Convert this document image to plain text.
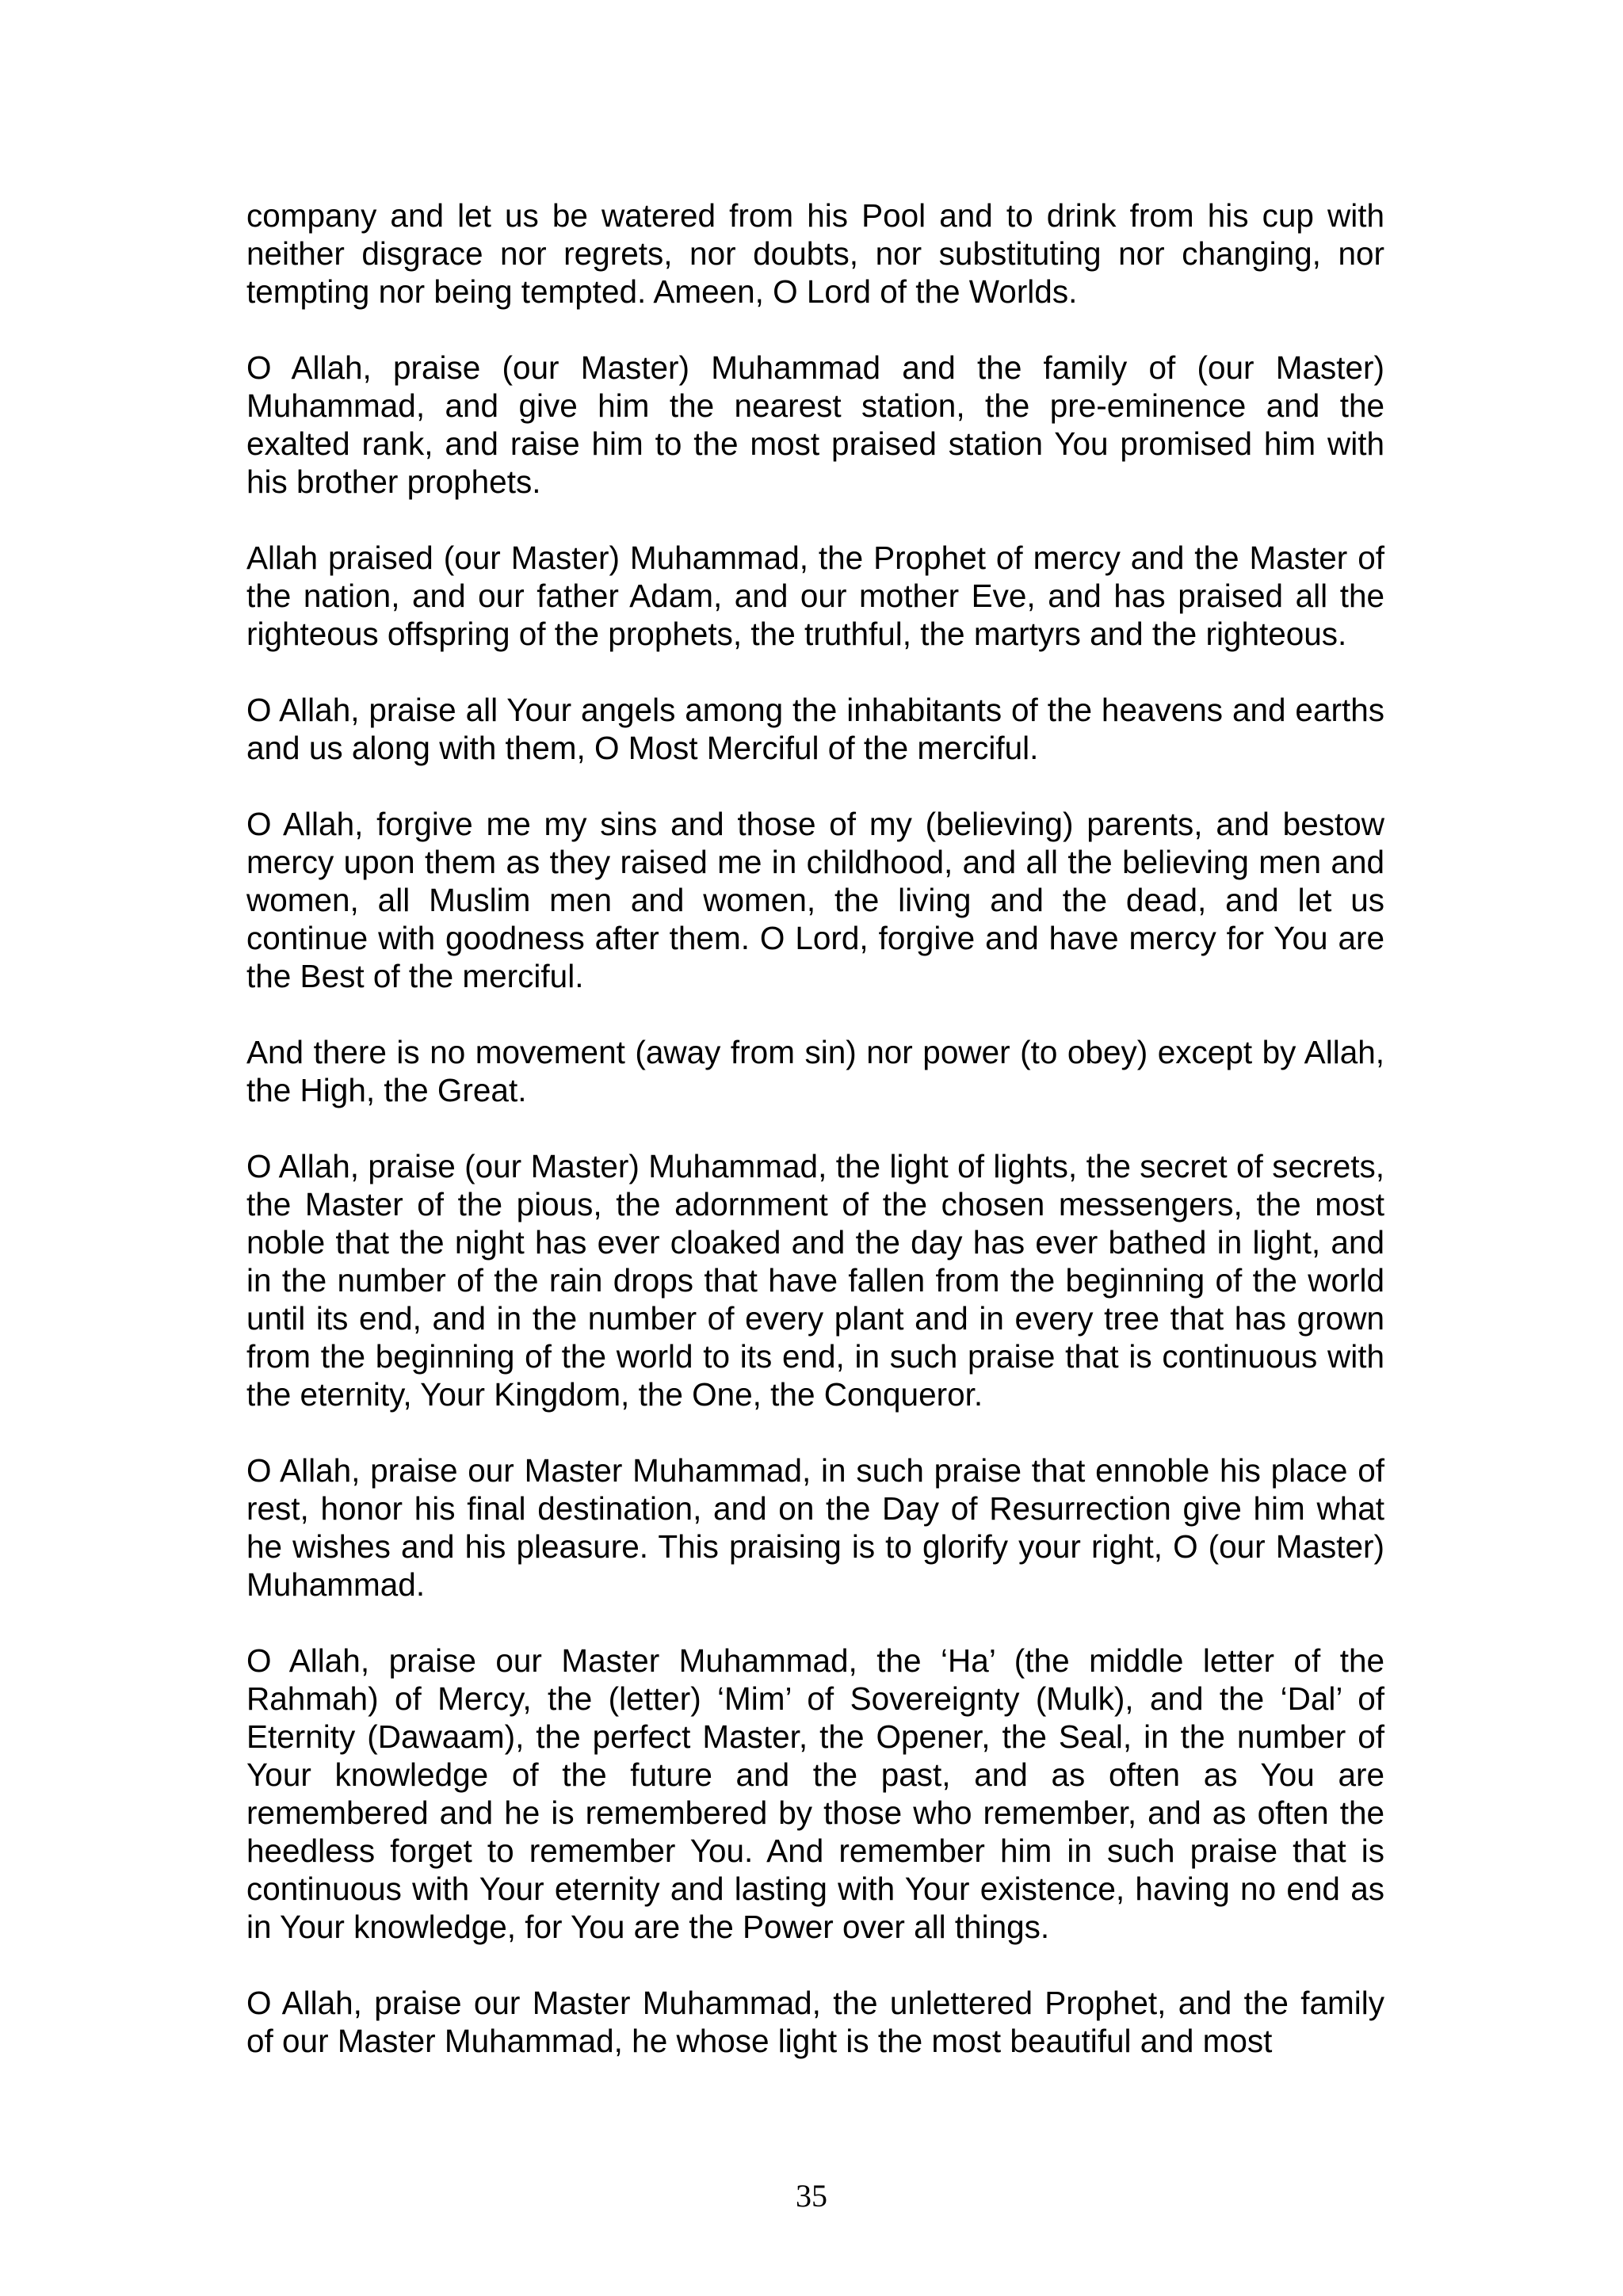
company and let us be watered from his Pool and to drink from his cup with neither disgrace nor regrets, nor doubts, nor substituting nor changing, nor tempting nor being tempted. Ameen, O Lord of the Worlds.

O Allah, praise (our Master) Muhammad and the family of (our Master) Muhammad, and give him the nearest station, the pre-eminence and the exalted rank, and raise him to the most praised station You promised him with his brother prophets.

Allah praised (our Master) Muhammad, the Prophet of mercy and the Master of the nation, and our father Adam, and our mother Eve, and has praised all the righteous offspring of the prophets, the truthful, the martyrs and the righteous.

O Allah, praise all Your angels among the inhabitants of the heavens and earths and us along with them, O Most Merciful of the merciful.

O Allah, forgive me my sins and those of my (believing) parents, and bestow mercy upon them as they raised me in childhood, and all the believing men and women, all Muslim men and women, the living and the dead, and let us continue with goodness after them. O Lord, forgive and have mercy for You are the Best of the merciful.

And there is no movement (away from sin) nor power (to obey) except by Allah, the High, the Great.

O Allah, praise (our Master) Muhammad, the light of lights, the secret of secrets, the Master of the pious, the adornment of the chosen messengers, the most noble that the night has ever cloaked and the day has ever bathed in light, and in the number of the rain drops that have fallen from the beginning of the world until its end, and in the number of every plant and in every tree that has grown from the beginning of the world to its end, in such praise that is continuous with the eternity, Your Kingdom, the One, the Conqueror.

O Allah, praise our Master Muhammad, in such praise that ennoble his place of rest, honor his final destination, and on the Day of Resurrection give him what he wishes and his pleasure. This praising is to glorify your right, O (our Master) Muhammad.

O Allah, praise our Master Muhammad, the ‘Ha’ (the middle letter of the Rahmah) of Mercy, the (letter) ‘Mim’ of Sovereignty (Mulk), and the ‘Dal’ of Eternity (Dawaam), the perfect Master, the Opener, the Seal, in the number of Your knowledge of the future and the past, and as often as You are remembered and he is remembered by those who remember, and as often the heedless forget to remember You. And remember him in such praise that is continuous with Your eternity and lasting with Your existence, having no end as in Your knowledge, for You are the Power over all things.

O Allah, praise our Master Muhammad, the unlettered Prophet, and the family of our Master Muhammad, he whose light is the most beautiful and most

35
